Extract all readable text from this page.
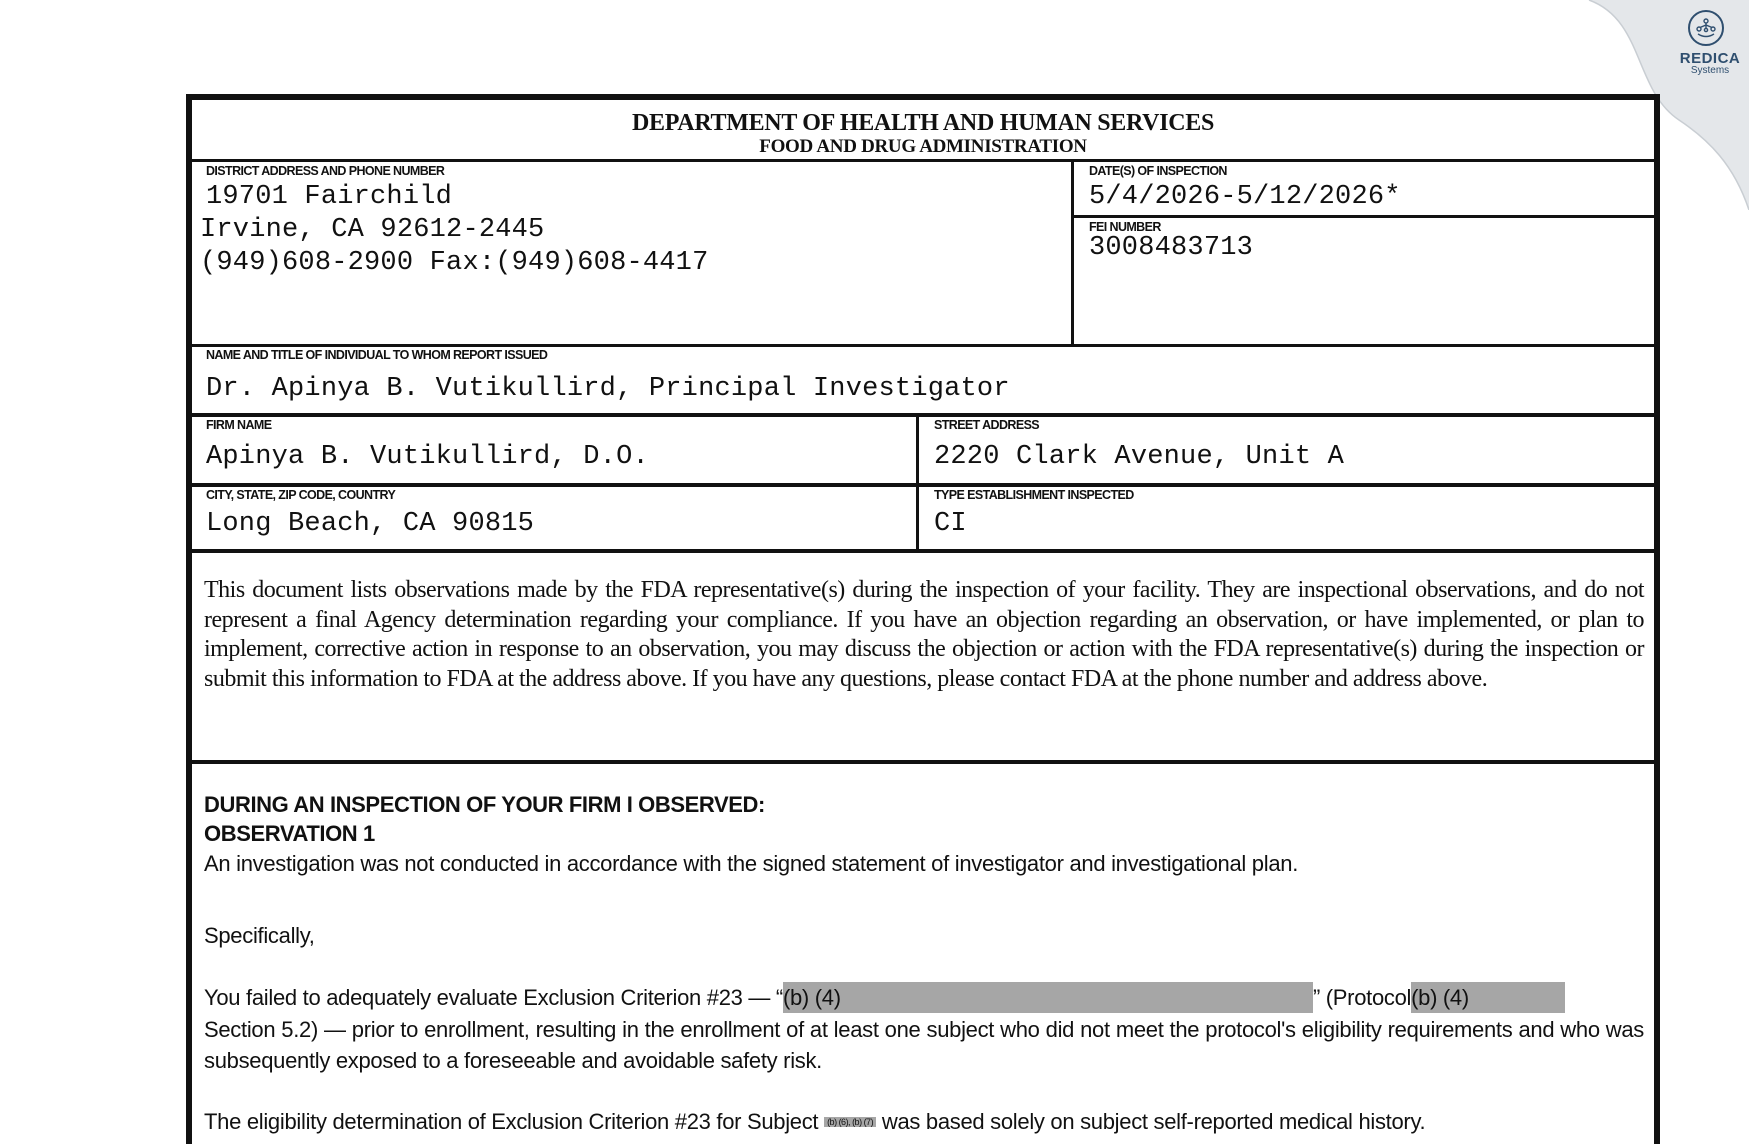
REDICA
Systems
DEPARTMENT OF HEALTH AND HUMAN SERVICES
FOOD AND DRUG ADMINISTRATION
DISTRICT ADDRESS AND PHONE NUMBER
19701 Fairchild
Irvine, CA 92612-2445
(949)608-2900 Fax:(949)608-4417
DATE(S) OF INSPECTION
5/4/2026-5/12/2026*
FEI NUMBER
3008483713
NAME AND TITLE OF INDIVIDUAL TO WHOM REPORT ISSUED
Dr. Apinya B. Vutikullird, Principal Investigator
FIRM NAME
Apinya B. Vutikullird, D.O.
STREET ADDRESS
2220 Clark Avenue, Unit A
CITY, STATE, ZIP CODE, COUNTRY
Long Beach, CA 90815
TYPE ESTABLISHMENT INSPECTED
CI
This document lists observations made by the FDA representative(s) during the inspection of your facility. They are inspectional observations, and do not represent a final Agency determination regarding your compliance. If you have an objection regarding an observation, or have implemented, or plan to implement, corrective action in response to an observation, you may discuss the objection or action with the FDA representative(s) during the inspection or submit this information to FDA at the address above. If you have any questions, please contact FDA at the phone number and address above.
DURING AN INSPECTION OF YOUR FIRM I OBSERVED:
OBSERVATION 1
An investigation was not conducted in accordance with the signed statement of investigator and investigational plan.
Specifically,
You failed to adequately evaluate Exclusion Criterion #23 — “(b) (4)	” (Protocol(b) (4)
Section 5.2) — prior to enrollment, resulting in the enrollment of at least one subject who did not meet the protocol's eligibility requirements and who was subsequently exposed to a foreseeable and avoidable safety risk.
The eligibility determination of Exclusion Criterion #23 for Subject (b) (6), (b) (7) was based solely on subject self-reported medical history.
